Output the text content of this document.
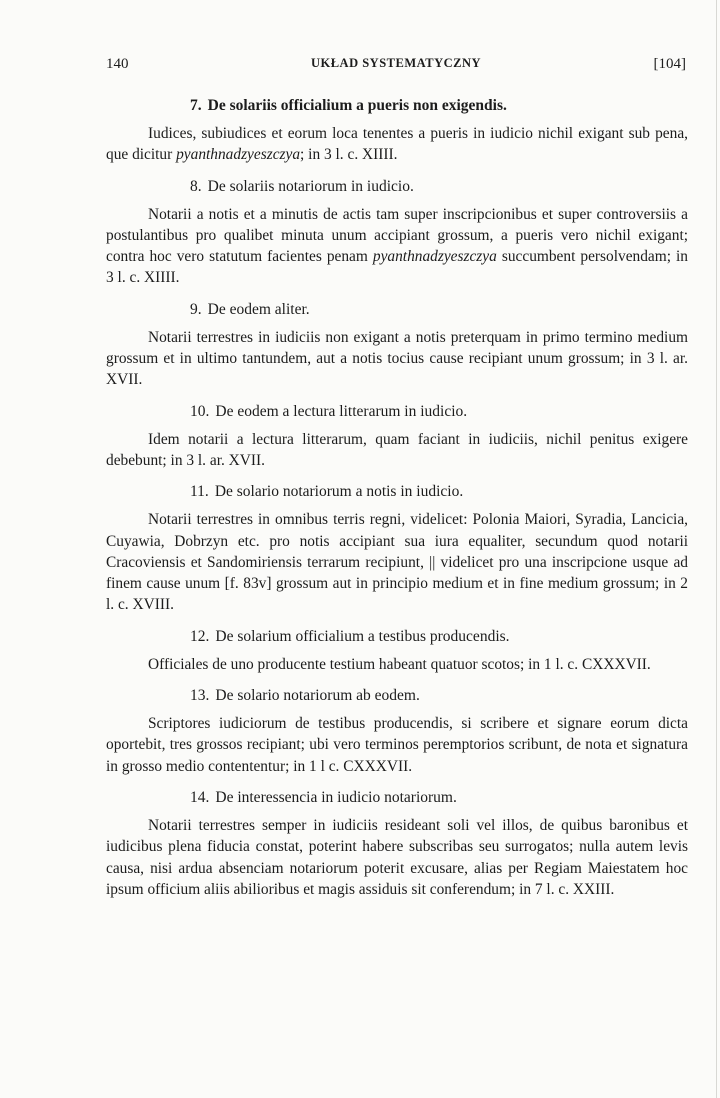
140	UKŁAD SYSTEMATYCZNY	[104]

7. De solariis officialium a pueris non exigendis.

Iudices, subiudices et eorum loca tenentes a pueris in iudicio nichil exigant sub pena, que dicitur pyanthnadzyeszczya; in 3 l. c. XIIII.

8. De solariis notariorum in iudicio.

Notarii a notis et a minutis de actis tam super inscripcionibus et super controversiis a postulantibus pro qualibet minuta unum accipiant grossum, a pueris vero nichil exigant; contra hoc vero statutum facientes penam pyanthnadzyeszczya succumbent persolvendam; in 3 l. c. XIIII.

9. De eodem aliter.

Notarii terrestres in iudiciis non exigant a notis preterquam in primo termino medium grossum et in ultimo tantundem, aut a notis tocius cause recipiant unum grossum; in 3 l. ar. XVII.

10. De eodem a lectura litterarum in iudicio.

Idem notarii a lectura litterarum, quam faciant in iudiciis, nichil penitus exigere debebunt; in 3 l. ar. XVII.

11. De solario notariorum a notis in iudicio.

Notarii terrestres in omnibus terris regni, videlicet: Polonia Maiori, Syradia, Lancicia, Cuyawia, Dobrzyn etc. pro notis accipiant sua iura equaliter, secundum quod notarii Cracoviensis et Sandomiriensis terrarum recipiunt, || videlicet pro una inscripcione usque ad finem cause unum [f. 83v] grossum aut in principio medium et in fine medium grossum; in 2 l. c. XVIII.

12. De solarium officialium a testibus producendis.

Officiales de uno producente testium habeant quatuor scotos; in 1 l. c. CXXXVII.

13. De solario notariorum ab eodem.

Scriptores iudiciorum de testibus producendis, si scribere et signare eorum dicta oportebit, tres grossos recipiant; ubi vero terminos peremptorios scribunt, de nota et signatura in grosso medio contententur; in 1 l c. CXXXVII.

14. De interessencia in iudicio notariorum.

Notarii terrestres semper in iudiciis resideant soli vel illos, de quibus baronibus et iudicibus plena fiducia constat, poterint habere subscribas seu surrogatos; nulla autem levis causa, nisi ardua absenciam notariorum poterit excusare, alias per Regiam Maiestatem hoc ipsum officium aliis abilioribus et magis assiduis sit conferendum; in 7 l. c. XXIII.
